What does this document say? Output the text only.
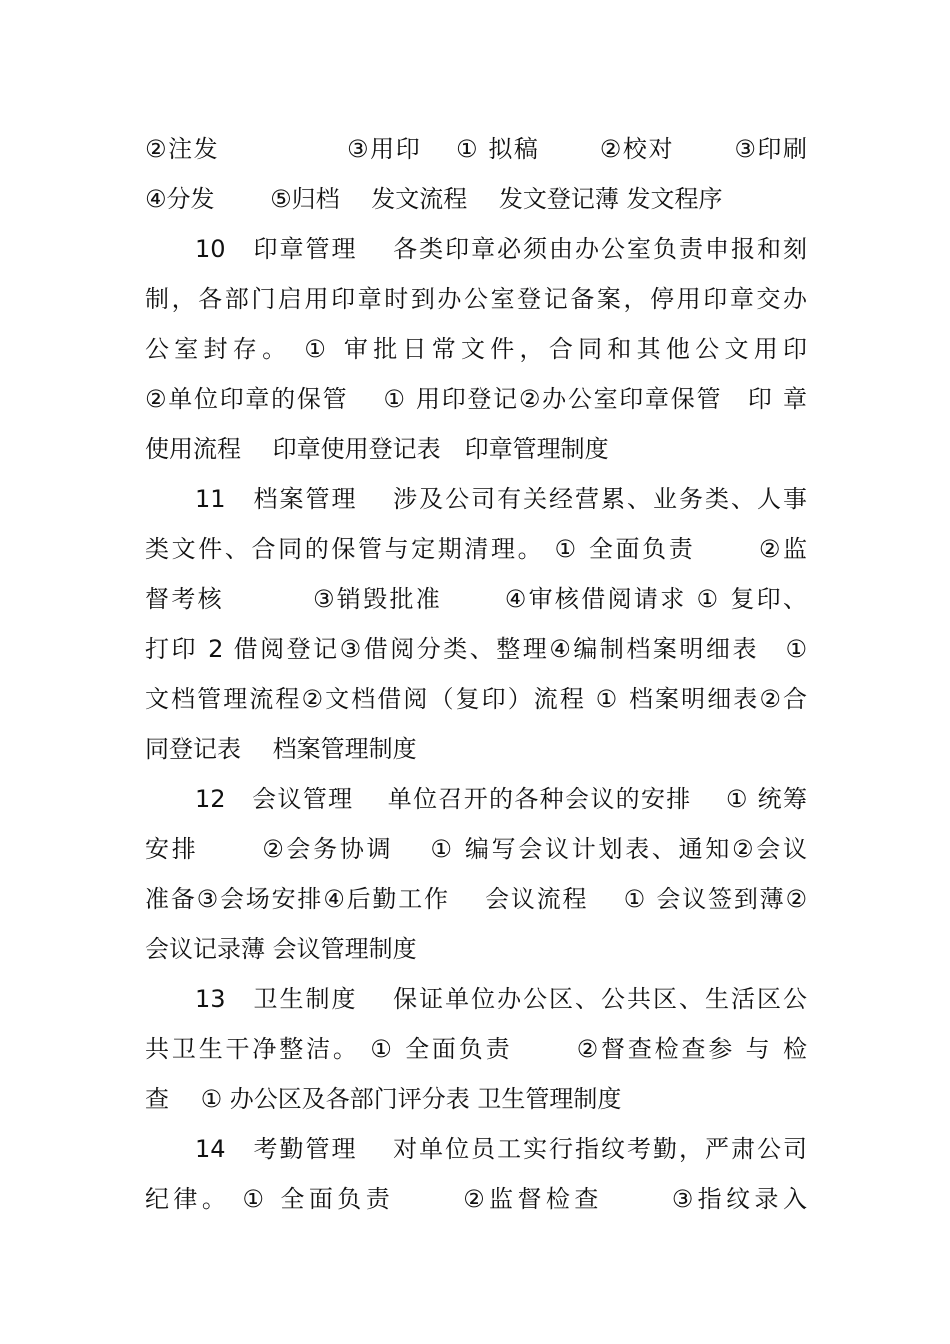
②注发　　　　　③用印　 ① 拟稿　　 ②校对　　 ③印刷
④分发　　 ⑤归档　 发文流程　 发文登记薄 发文程序
10　印章管理　 各类印章必须由办公室负责申报和刻
制，各部门启用印章时到办公室登记备案，停用印章交办
公室封存。 ① 审批日常文件，合同和其他公文用印
②单位印章的保管　 ① 用印登记②办公室印章保管　印 章
使用流程　 印章使用登记表　印章管理制度
11　档案管理　 涉及公司有关经营累、业务类、人事
类文件、合同的保管与定期清理。 ① 全面负责　　 ②监
督考核　　　 ③销毁批准　　 ④审核借阅请求 ① 复印、
打印 2 借阅登记③借阅分类、整理④编制档案明细表　①
文档管理流程②文档借阅（复印）流程 ① 档案明细表②合
同登记表　 档案管理制度
12　会议管理　 单位召开的各种会议的安排　 ① 统筹
安排　　 ②会务协调　 ① 编写会议计划表、通知②会议
准备③会场安排④后勤工作　 会议流程　 ① 会议签到薄②
会议记录薄 会议管理制度
13　卫生制度　 保证单位办公区、公共区、生活区公
共卫生干净整洁。 ① 全面负责　　 ②督查检查参 与 检
查　 ① 办公区及各部门评分表 卫生管理制度
14　考勤管理　 对单位员工实行指纹考勤，严肃公司
纪律。 ① 全面负责　　 ②监督检查　　 ③指纹录入
